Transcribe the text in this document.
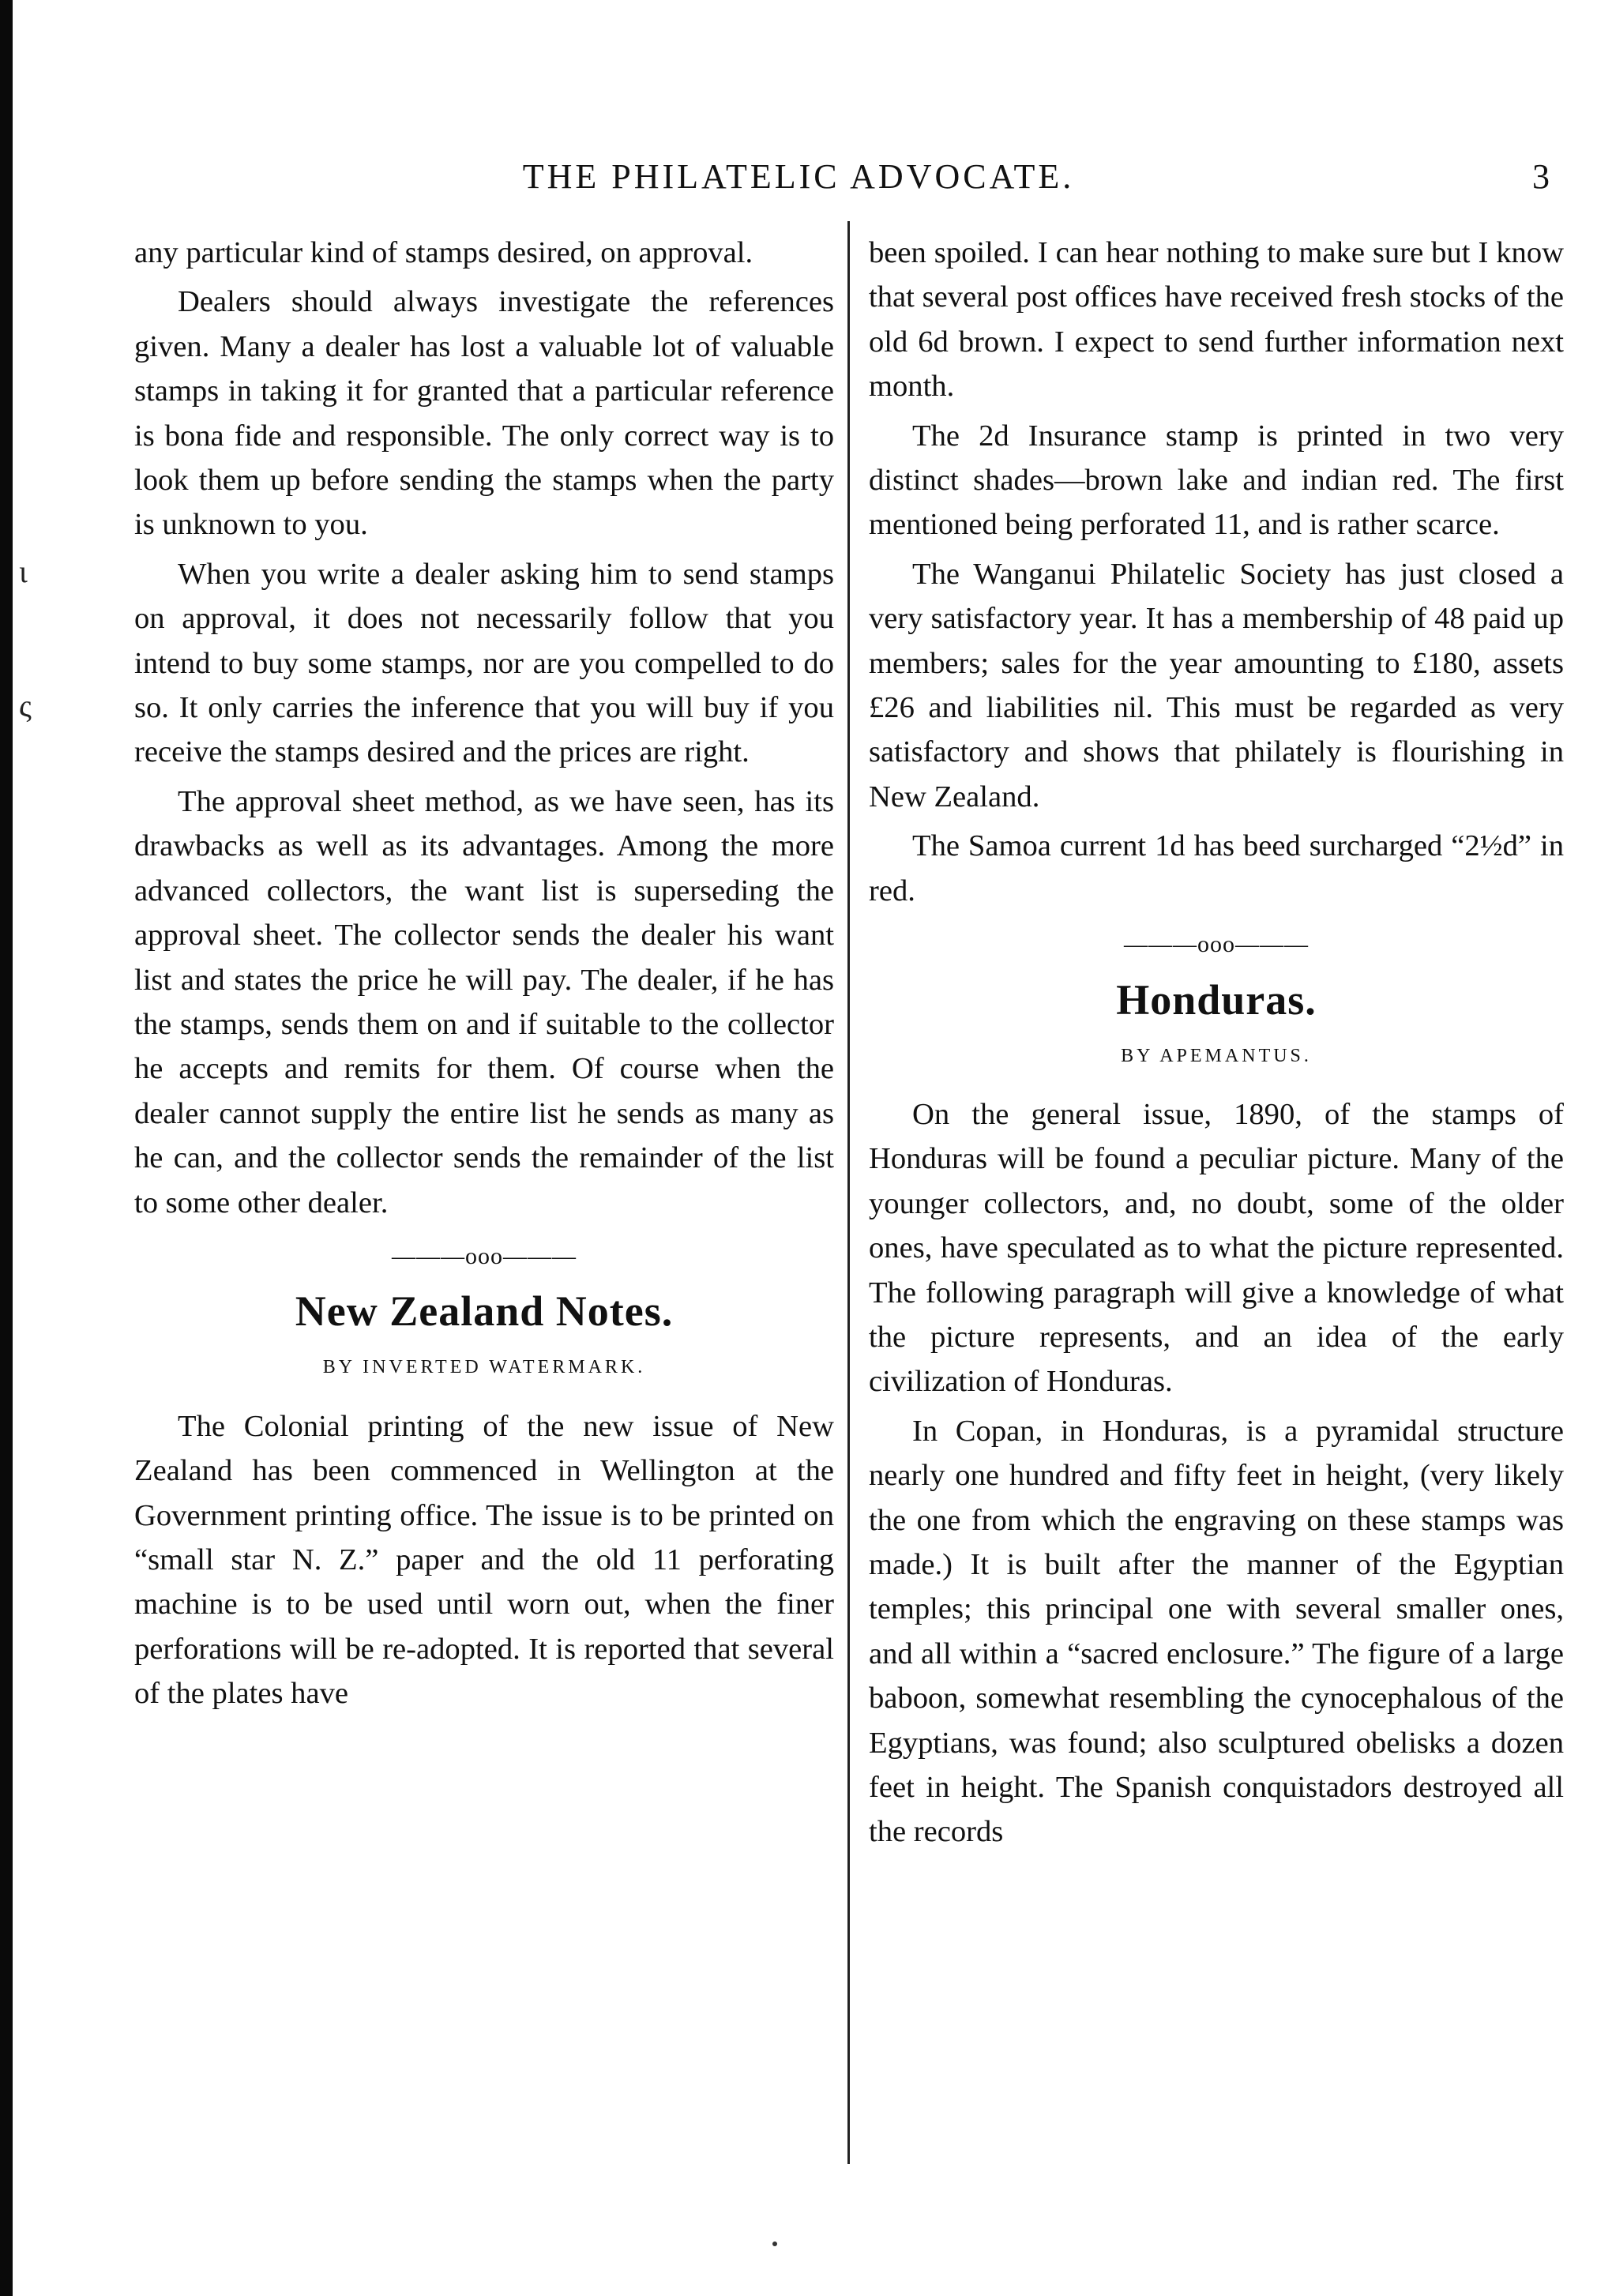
ι
ς
THE PHILATELIC ADVOCATE.	3

any particular kind of stamps desired, on approval.

Dealers should always investigate the references given. Many a dealer has lost a valuable lot of valuable stamps in taking it for granted that a particular reference is bona fide and responsible. The only correct way is to look them up before sending the stamps when the party is unknown to you.

When you write a dealer asking him to send stamps on approval, it does not necessarily follow that you intend to buy some stamps, nor are you compelled to do so. It only carries the inference that you will buy if you receive the stamps desired and the prices are right.

The approval sheet method, as we have seen, has its drawbacks as well as its advantages. Among the more advanced collectors, the want list is superseding the approval sheet. The collector sends the dealer his want list and states the price he will pay. The dealer, if he has the stamps, sends them on and if suitable to the collector he accepts and remits for them. Of course when the dealer cannot supply the entire list he sends as many as he can, and the collector sends the remainder of the list to some other dealer.

———ooo———
New Zealand Notes.
BY INVERTED WATERMARK.

The Colonial printing of the new issue of New Zealand has been commenced in Wellington at the Government printing office. The issue is to be printed on “small star N. Z.” paper and the old 11 perforating machine is to be used until worn out, when the finer perforations will be re-adopted. It is reported that several of the plates have

been spoiled. I can hear nothing to make sure but I know that several post offices have received fresh stocks of the old 6d brown. I expect to send further information next month.

The 2d Insurance stamp is printed in two very distinct shades—brown lake and indian red. The first mentioned being perforated 11, and is rather scarce.

The Wanganui Philatelic Society has just closed a very satisfactory year. It has a membership of 48 paid up members; sales for the year amounting to £180, assets £26 and liabilities nil. This must be regarded as very satisfactory and shows that philately is flourishing in New Zealand.

The Samoa current 1d has beed surcharged “2½d” in red.

———ooo———
Honduras.
BY APEMANTUS.

On the general issue, 1890, of the stamps of Honduras will be found a peculiar picture. Many of the younger collectors, and, no doubt, some of the older ones, have speculated as to what the picture represented. The following paragraph will give a knowledge of what the picture represents, and an idea of the early civilization of Honduras.

In Copan, in Honduras, is a pyramidal structure nearly one hundred and fifty feet in height, (very likely the one from which the engraving on these stamps was made.) It is built after the manner of the Egyptian temples; this principal one with several smaller ones, and all within a “sacred enclosure.” The figure of a large baboon, somewhat resembling the cynocephalous of the Egyptians, was found; also sculptured obelisks a dozen feet in height. The Spanish conquistadors destroyed all the records
